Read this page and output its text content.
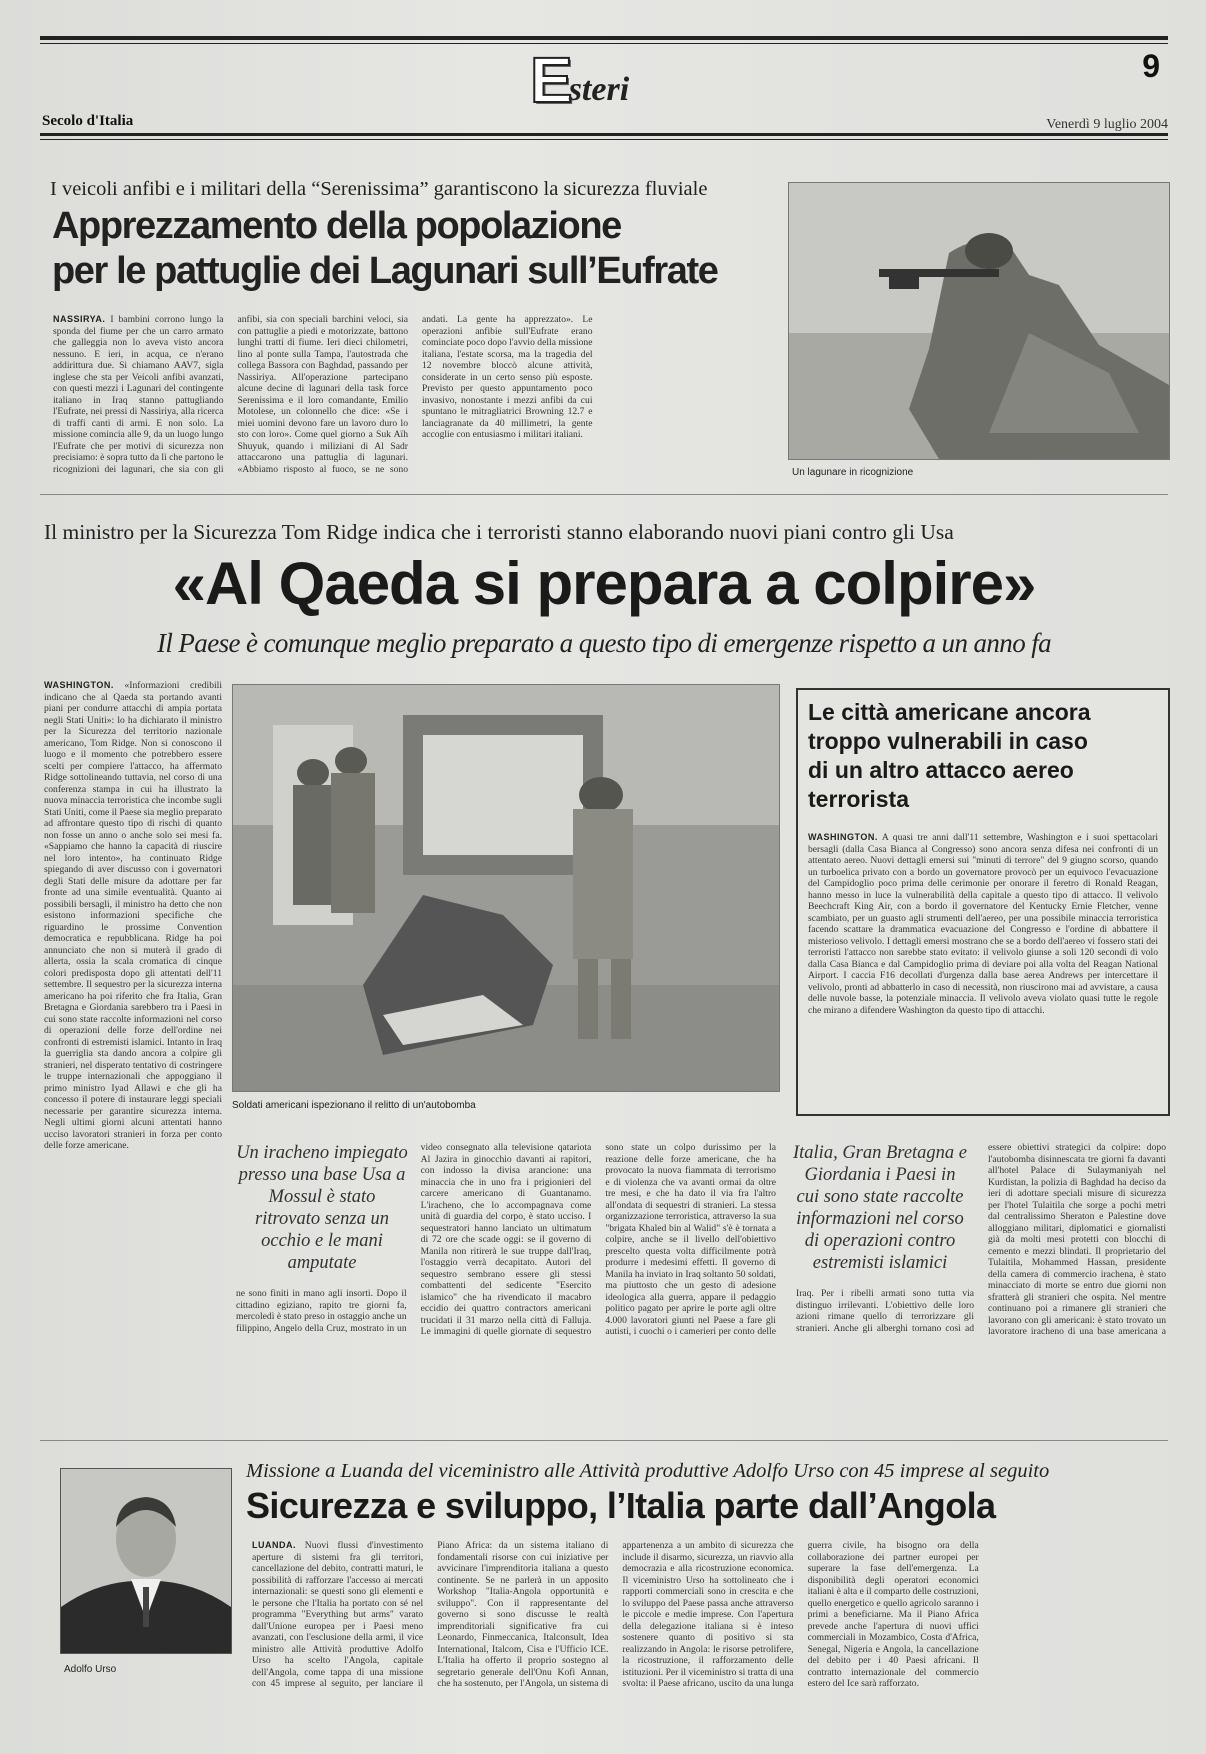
E
steri
9
Secolo d'Italia	Venerdì 9 luglio 2004
I veicoli anfibi e i militari della “Serenissima” garantiscono la sicurezza fluviale
Apprezzamento della popolazione
per le pattuglie dei Lagunari sull’Eufrate

NASSIRYA. I bambini corrono lungo la sponda del fiume per che un carro armato che galleggia non lo aveva visto ancora nessuno. E ieri, in acqua, ce n'erano addirittura due. Si chiamano AAV7, sigla inglese che sta per Veicoli anfibi avanzati, con questi mezzi i Lagunari del contingente italiano in Iraq stanno pattugliando l'Eufrate, nei pressi di Nassiriya, alla ricerca di traffi canti di armi. E non solo. La missione comincia alle 9, da un luogo lungo l'Eufrate che per motivi di sicurezza non precisiamo: è sopra tutto da lì che partono le ricognizioni dei lagunari, che sia con gli anfibi, sia con speciali barchini veloci, sia con pattuglie a piedi e motorizzate, battono lunghi tratti di fiume. Ieri dieci chilometri, lino al ponte sulla Tampa, l'autostrada che collega Bassora con Baghdad, passando per Nassiriya. All'operazione partecipano alcune decine di lagunari della task force Serenissima e il loro comandante, Emilio Motolese, un colonnello che dice: «Se i miei uomini devono fare un lavoro duro lo sto con loro». Come quel giorno a Suk Aïh Shuyuk, quando i miliziani di Al Sadr attaccarono una pattuglia di lagunari. «Abbiamo risposto al fuoco, se ne sono andati. La gente ha apprezzato». Le operazioni anfibie sull'Eufrate erano cominciate poco dopo l'avvio della missione italiana, l'estate scorsa, ma la tragedia del 12 novembre bloccò alcune attività, considerate in un certo senso più esposte. Previsto per questo appuntamento poco invasivo, nonostante i mezzi anfibi da cui spuntano le mitragliatrici Browning 12.7 e lanciagranate da 40 millimetri, la gente accoglie con entusiasmo i militari italiani.

Un lagunare in ricognizione
Il ministro per la Sicurezza Tom Ridge indica che i terroristi stanno elaborando nuovi piani contro gli Usa
«Al Qaeda si prepara a colpire»
Il Paese è comunque meglio preparato a questo tipo di emergenze rispetto a un anno fa

WASHINGTON. «Informazioni credibili indicano che al Qaeda sta portando avanti piani per condurre attacchi di ampia portata negli Stati Uniti»: lo ha dichiarato il ministro per la Sicurezza del territorio nazionale americano, Tom Ridge. Non si conoscono il luogo e il momento che potrebbero essere scelti per compiere l'attacco, ha affermato Ridge sottolineando tuttavia, nel corso di una conferenza stampa in cui ha illustrato la nuova minaccia terroristica che incombe sugli Stati Uniti, come il Paese sia meglio preparato ad affrontare questo tipo di rischi di quanto non fosse un anno o anche solo sei mesi fa. «Sappiamo che hanno la capacità di riuscire nel loro intento», ha continuato Ridge spiegando di aver discusso con i governatori degli Stati delle misure da adottare per far fronte ad una simile eventualità. Quanto ai possibili bersagli, il ministro ha detto che non esistono informazioni specifiche che riguardino le prossime Convention democratica e repubblicana. Ridge ha poi annunciato che non si muterà il grado di allerta, ossia la scala cromatica di cinque colori predisposta dopo gli attentati dell'11 settembre. Il sequestro per la sicurezza interna americano ha poi riferito che fra Italia, Gran Bretagna e Giordania sarebbero tra i Paesi in cui sono state raccolte informazioni nel corso di operazioni delle forze dell'ordine nei confronti di estremisti islamici. Intanto in Iraq la guerriglia sta dando ancora a colpire gli stranieri, nel disperato tentativo di costringere le truppe internazionali che appoggiano il primo ministro Iyad Allawi e che gli ha concesso il potere di instaurare leggi speciali necessarie per garantire sicurezza interna. Negli ultimi giorni alcuni attentati hanno ucciso lavoratori stranieri in forza per conto delle forze americane.

Soldati americani ispezionano il relitto di un'autobomba
Le città americane ancora troppo vulnerabili in caso di un altro attacco aereo terrorista

WASHINGTON. A quasi tre anni dall'11 settembre, Washington e i suoi spettacolari bersagli (dalla Casa Bianca al Congresso) sono ancora senza difesa nei confronti di un attentato aereo. Nuovi dettagli emersi sui "minuti di terrore" del 9 giugno scorso, quando un turboelica privato con a bordo un governatore provocò per un equivoco l'evacuazione del Campidoglio poco prima delle cerimonie per onorare il feretro di Ronald Reagan, hanno messo in luce la vulnerabilità della capitale a questo tipo di attacco. Il velivolo Beechcraft King Air, con a bordo il governatore del Kentucky Ernie Fletcher, venne scambiato, per un guasto agli strumenti dell'aereo, per una possibile minaccia terroristica facendo scattare la drammatica evacuazione del Congresso e l'ordine di abbattere il misterioso velivolo. I dettagli emersi mostrano che se a bordo dell'aereo vi fossero stati dei terroristi l'attacco non sarebbe stato evitato: il velivolo giunse a soli 120 secondi di volo dalla Casa Bianca e dal Campidoglio prima di deviare poi alla volta del Reagan National Airport. I caccia F16 decollati d'urgenza dalla base aerea Andrews per intercettare il velivolo, pronti ad abbatterlo in caso di necessità, non riuscirono mai ad avvistare, a causa delle nuvole basse, la potenziale minaccia. Il velivolo aveva violato quasi tutte le regole che mirano a difendere Washington da questo tipo di attacchi.

Un iracheno impiegato presso una base Usa a Mossul è stato ritrovato senza un occhio e le mani amputate

ne sono finiti in mano agli insorti. Dopo il cittadino egiziano, rapito tre giorni fa, mercoledì è stato preso in ostaggio anche un filippino, Angelo della Cruz, mostrato in un video consegnato alla televisione qatariota Al Jazira in ginocchio davanti ai rapitori, con indosso la divisa arancione: una minaccia che in uno fra i prigionieri del carcere americano di Guantanamo. L'iracheno, che lo accompagnava come unità di guardia del corpo, è stato ucciso. I sequestratori hanno lanciato un ultimatum di 72 ore che scade oggi: se il governo di Manila non ritirerà le sue truppe dall'Iraq, l'ostaggio verrà decapitato. Autori del sequestro sembrano essere gli stessi combattenti del sedicente "Esercito islamico" che ha rivendicato il macabro eccidio dei quattro contractors americani trucidati il 31 marzo nella città di Falluja. Le immagini di quelle giornate di sequestro sono state un colpo durissimo per la reazione delle forze americane, che ha provocato la nuova fiammata di terrorismo e di violenza che va avanti ormai da oltre tre mesi, e che ha dato il via fra l'altro all'ondata di sequestri di stranieri. La stessa organizzazione terroristica, attraverso la sua "brigata Khaled bin al Walid" s'è è tornata a colpire, anche se il livello dell'obiettivo prescelto questa volta difficilmente potrà produrre i medesimi effetti. Il governo di Manila ha inviato in Iraq soltanto 50 soldati, ma piuttosto che un gesto di adesione ideologica alla guerra, appare il pedaggio politico pagato per aprire le porte agli oltre 4.000 lavoratori giunti nel Paese a fare gli autisti, i cuochi o i camerieri per conto delle

Italia, Gran Bretagna e Giordania i Paesi in cui sono state raccolte informazioni nel corso di operazioni contro estremisti islamici

Iraq. Per i ribelli armati sono tutta via distinguo irrilevanti. L'obiettivo delle loro azioni rimane quello di terrorizzare gli stranieri. Anche gli alberghi tornano così ad essere obiettivi strategici da colpire: dopo l'autobomba disinnescata tre giorni fa davanti all'hotel Palace di Sulaymaniyah nel Kurdistan, la polizia di Baghdad ha deciso da ieri di adottare speciali misure di sicurezza per l'hotel Tulaitila che sorge a pochi metri dal centralissimo Sheraton e Palestine dove alloggiano militari, diplomatici e giornalisti già da molti mesi protetti con blocchi di cemento e mezzi blindati. Il proprietario del Tulaitila, Mohammed Hassan, presidente della camera di commercio irachena, è stato minacciato di morte se entro due giorni non sfratterà gli stranieri che ospita. Nel mentre continuano poi a rimanere gli stranieri che lavorano con gli americani: è stato trovato un lavoratore iracheno di una base americana a

Adolfo Urso
Missione a Luanda del viceministro alle Attività produttive Adolfo Urso con 45 imprese al seguito
Sicurezza e sviluppo, l’Italia parte dall’Angola

LUANDA. Nuovi flussi d'investimento aperture di sistemi fra gli territori, cancellazione del debito, contratti maturi, le possibilità di rafforzare l'accesso ai mercati internazionali: se questi sono gli elementi e le persone che l'Italia ha portato con sé nel programma "Everything but arms" varato dall'Unione europea per i Paesi meno avanzati, con l'esclusione della armi, il vice ministro alle Attività produttive Adolfo Urso ha scelto l'Angola, capitale dell'Angola, come tappa di una missione con 45 imprese al seguito, per lanciare il Piano Africa: da un sistema italiano di fondamentali risorse con cui iniziative per avvicinare l'imprenditoria italiana a questo continente. Se ne parlerà in un apposito Workshop "Italia-Angola opportunità e sviluppo". Con il rappresentante del governo si sono discusse le realtà imprenditoriali significative fra cui Leonardo, Finmeccanica, Italconsult, Idea International, Italcom, Cisa e l'Ufficio ICE. L'Italia ha offerto il proprio sostegno al segretario generale dell'Onu Kofi Annan, che ha sostenuto, per l'Angola, un sistema di appartenenza a un ambito di sicurezza che include il disarmo, sicurezza, un riavvio alla democrazia e alla ricostruzione economica. Il viceministro Urso ha sottolineato che i rapporti commerciali sono in crescita e che lo sviluppo del Paese passa anche attraverso le piccole e medie imprese. Con l'apertura della delegazione italiana si è inteso sostenere quanto di positivo si sta realizzando in Angola: le risorse petrolifere, la ricostruzione, il rafforzamento delle istituzioni. Per il viceministro si tratta di una svolta: il Paese africano, uscito da una lunga guerra civile, ha bisogno ora della collaborazione dei partner europei per superare la fase dell'emergenza. La disponibilità degli operatori economici italiani è alta e il comparto delle costruzioni, quello energetico e quello agricolo saranno i primi a beneficiarne. Ma il Piano Africa prevede anche l'apertura di nuovi uffici commerciali in Mozambico, Costa d'Africa, Senegal, Nigeria e Angola, la cancellazione del debito per i 40 Paesi africani. Il contratto internazionale del commercio estero del Ice sarà rafforzato.
